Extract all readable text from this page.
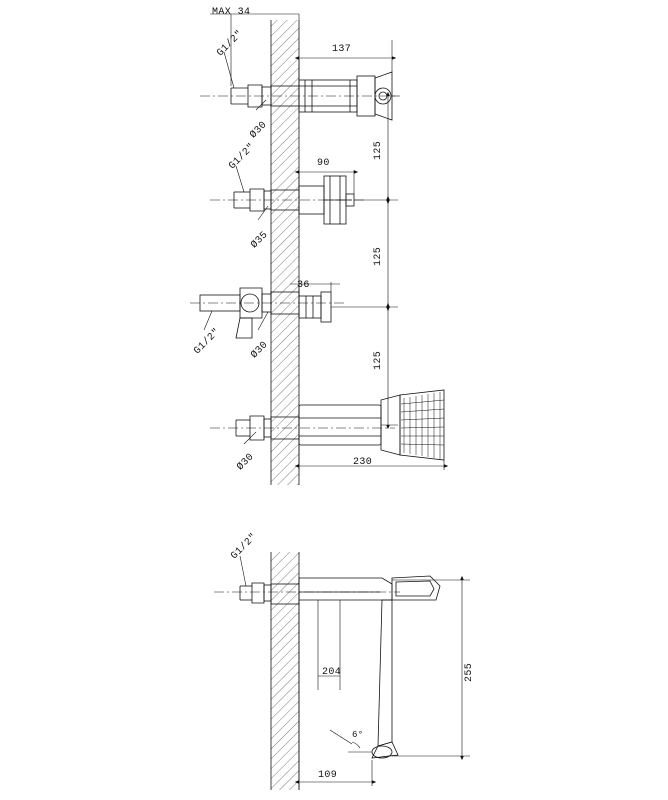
MAX 34
G1/2"	137
Ø30
G1/2"	90
125
Ø35
125
36
G1/2"	Ø30	125
Ø30	230
G1/2"
204	255
6°
109
